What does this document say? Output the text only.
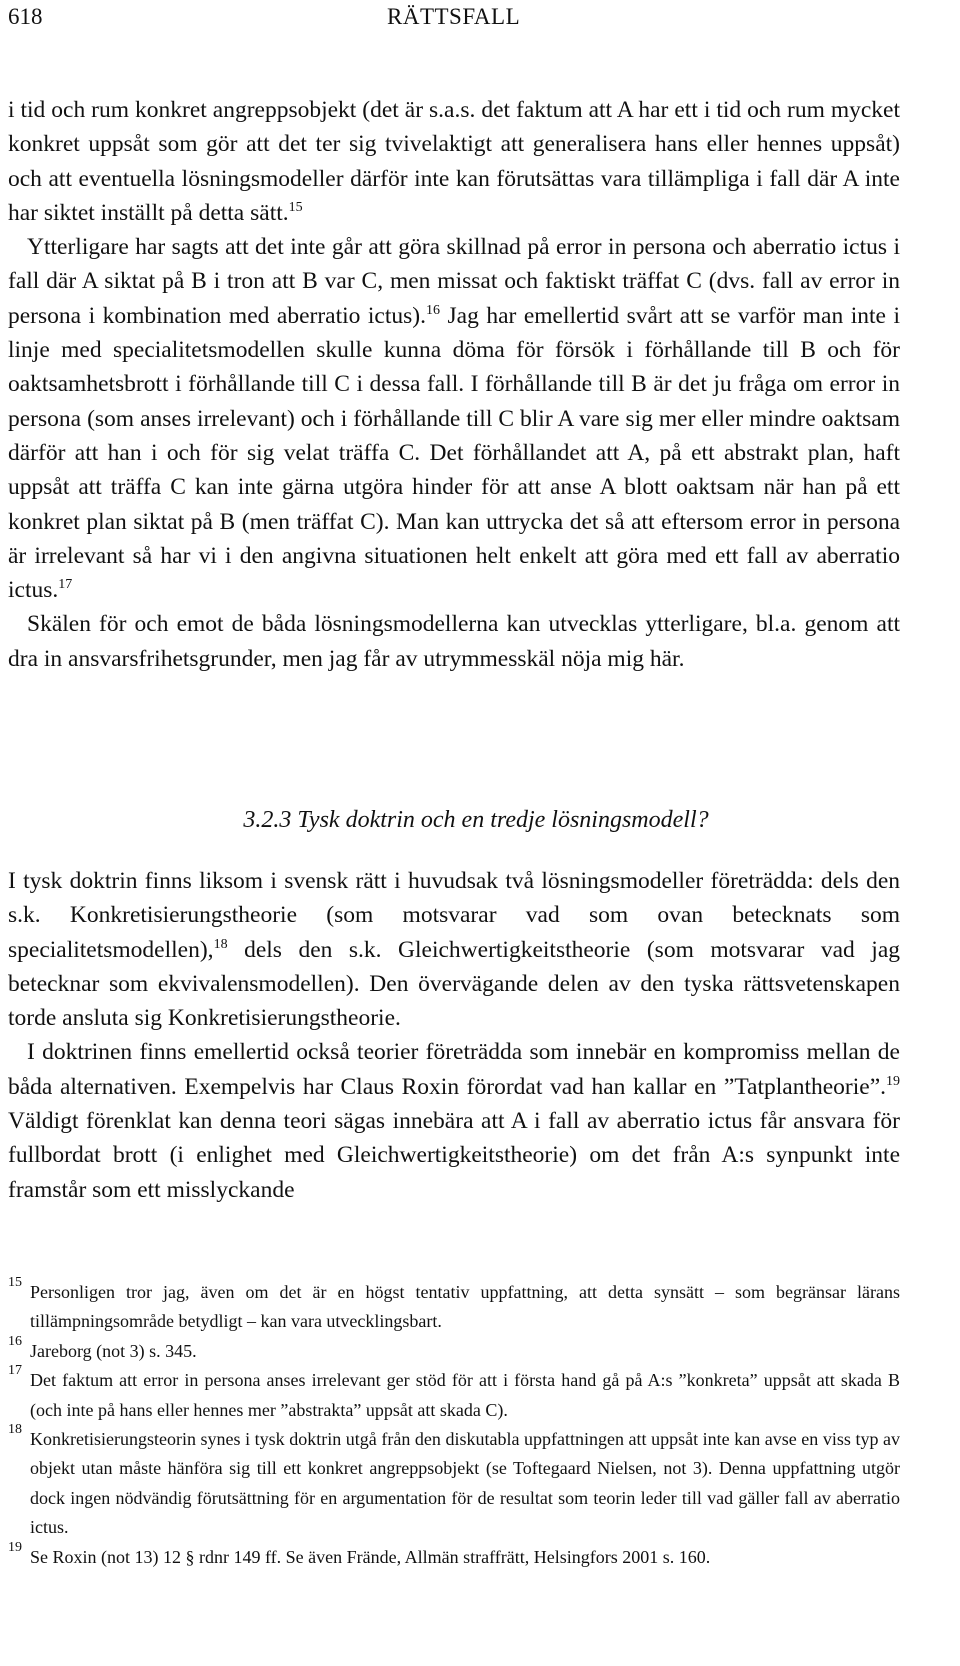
618	RÄTTSFALL

i tid och rum konkret angreppsobjekt (det är s.a.s. det faktum att A har ett i tid och rum mycket konkret uppsåt som gör att det ter sig tvivelaktigt att generalisera hans eller hennes uppsåt) och att eventuella lösningsmodeller därför inte kan förutsättas vara tillämpliga i fall där A inte har siktet inställt på detta sätt.$^{15}$

Ytterligare har sagts att det inte går att göra skillnad på error in persona och aberratio ictus i fall där A siktat på B i tron att B var C, men missat och faktiskt träffat C (dvs. fall av error in persona i kombination med aberratio ictus).$^{16}$ Jag har emellertid svårt att se varför man inte i linje med specialitetsmodellen skulle kunna döma för försök i förhållande till B och för oaktsamhetsbrott i förhållande till C i dessa fall. I förhållande till B är det ju fråga om error in persona (som anses irrelevant) och i förhållande till C blir A vare sig mer eller mindre oaktsam därför att han i och för sig velat träffa C. Det förhållandet att A, på ett abstrakt plan, haft uppsåt att träffa C kan inte gärna utgöra hinder för att anse A blott oaktsam när han på ett konkret plan siktat på B (men träffat C). Man kan uttrycka det så att eftersom error in persona är irrelevant så har vi i den angivna situationen helt enkelt att göra med ett fall av aberratio ictus.$^{17}$

Skälen för och emot de båda lösningsmodellerna kan utvecklas ytterligare, bl.a. genom att dra in ansvarsfrihetsgrunder, men jag får av utrymmesskäl nöja mig här.

3.2.3 Tysk doktrin och en tredje lösningsmodell?

I tysk doktrin finns liksom i svensk rätt i huvudsak två lösningsmodeller företrädda: dels den s.k. Konkretisierungstheorie (som motsvarar vad som ovan betecknats som specialitetsmodellen),$^{18}$ dels den s.k. Gleichwertigkeitstheorie (som motsvarar vad jag betecknar som ekvivalensmodellen). Den övervägande delen av den tyska rättsvetenskapen torde ansluta sig Konkretisierungstheorie.

I doktrinen finns emellertid också teorier företrädda som innebär en kompromiss mellan de båda alternativen. Exempelvis har Claus Roxin förordat vad han kallar en ”Tatplantheorie”.$^{19}$ Väldigt förenklat kan denna teori sägas innebära att A i fall av aberratio ictus får ansvara för fullbordat brott (i enlighet med Gleichwertigkeitstheorie) om det från A:s synpunkt inte framstår som ett misslyckande

15 Personligen tror jag, även om det är en högst tentativ uppfattning, att detta synsätt – som begränsar lärans tillämpningsområde betydligt – kan vara utvecklingsbart.
16 Jareborg (not 3) s. 345.
17 Det faktum att error in persona anses irrelevant ger stöd för att i första hand gå på A:s ”konkreta” uppsåt att skada B (och inte på hans eller hennes mer ”abstrakta” uppsåt att skada C).
18 Konkretisierungsteorin synes i tysk doktrin utgå från den diskutabla uppfattningen att uppsåt inte kan avse en viss typ av objekt utan måste hänföra sig till ett konkret angreppsobjekt (se Toftegaard Nielsen, not 3). Denna uppfattning utgör dock ingen nödvändig förutsättning för en argumentation för de resultat som teorin leder till vad gäller fall av aberratio ictus.
19 Se Roxin (not 13) 12 § rdnr 149 ff. Se även Frände, Allmän straffrätt, Helsingfors 2001 s. 160.
